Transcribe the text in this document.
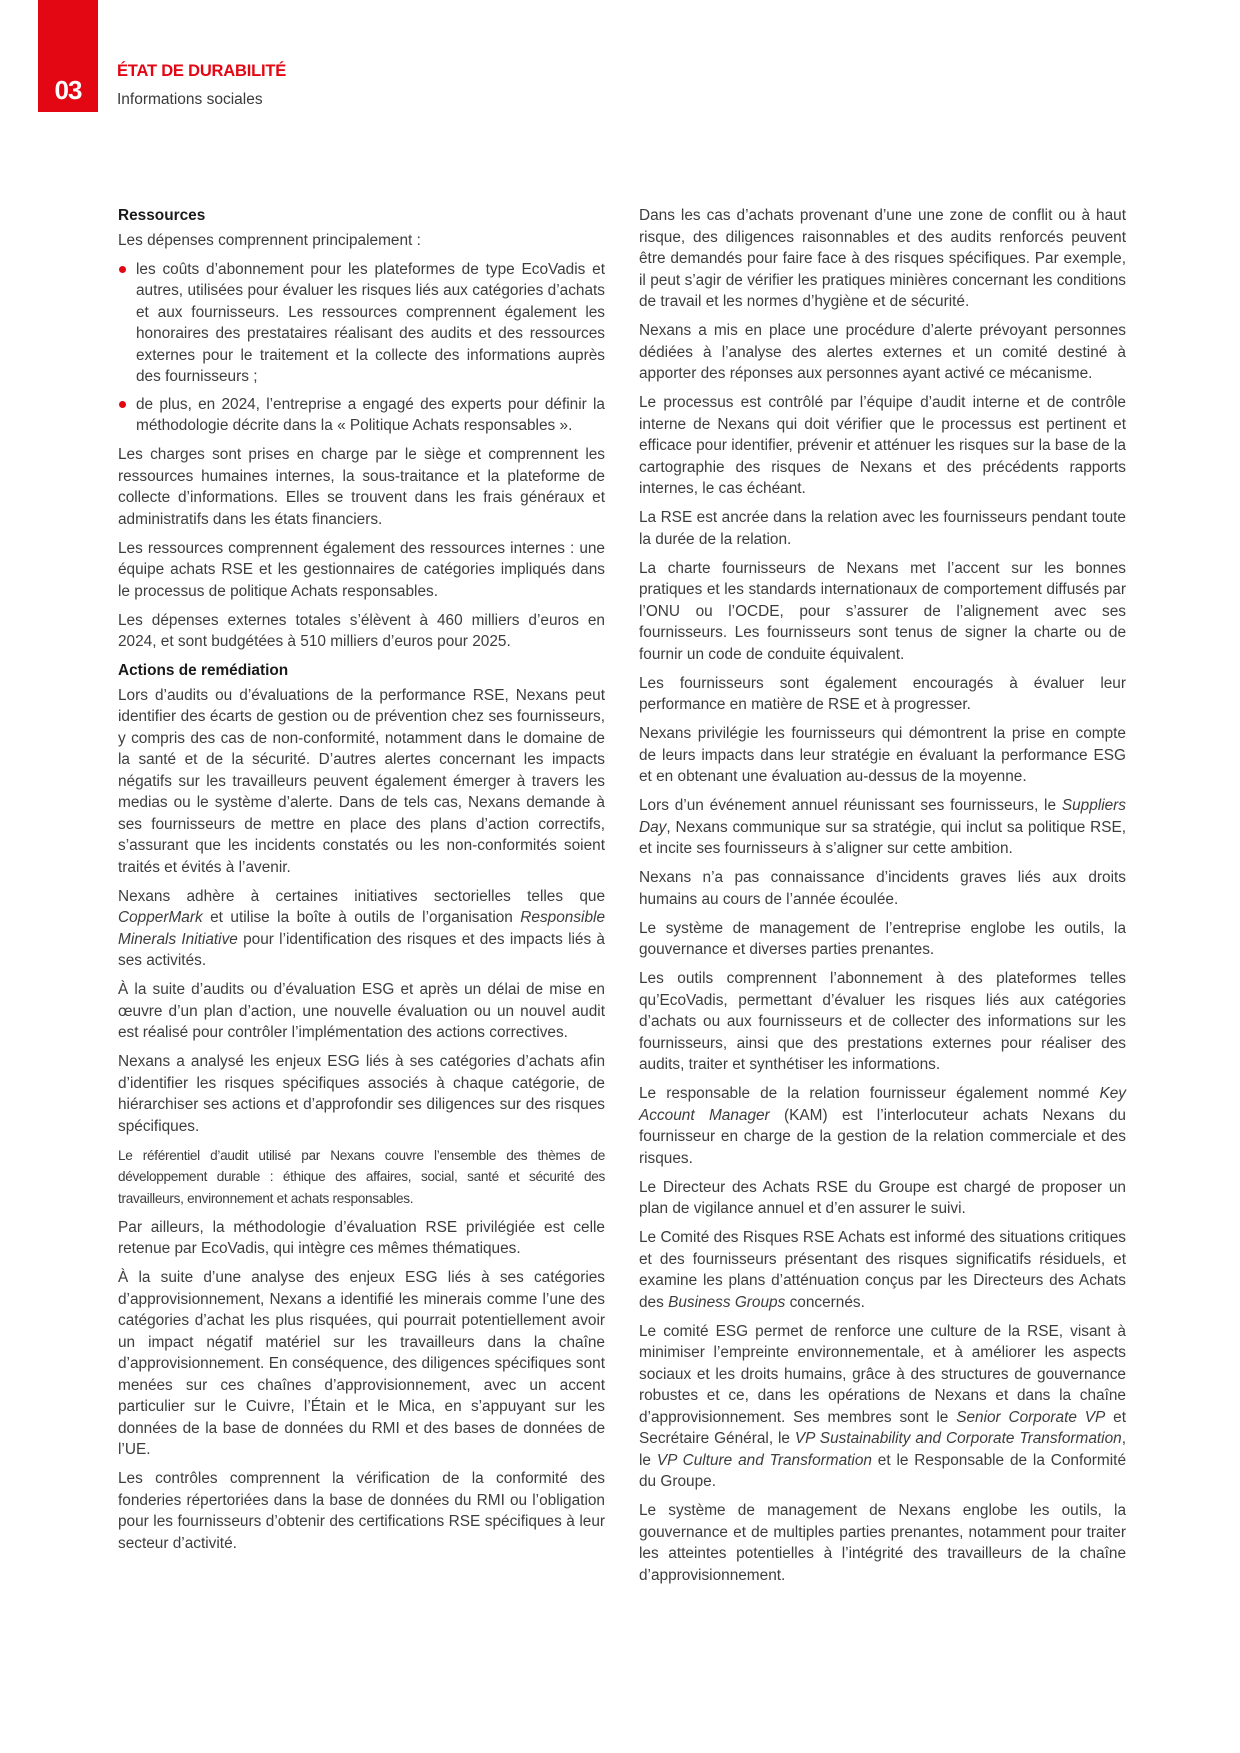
03
ÉTAT DE DURABILITÉ
Informations sociales
Ressources

Les dépenses comprennent principalement :

les coûts d’abonnement pour les plateformes de type EcoVadis et autres, utilisées pour évaluer les risques liés aux catégories d’achats et aux fournisseurs. Les ressources comprennent également les honoraires des prestataires réalisant des audits et des ressources externes pour le traitement et la collecte des informations auprès des fournisseurs ;
de plus, en 2024, l’entreprise a engagé des experts pour définir la méthodologie décrite dans la « Politique Achats responsables ».

Les charges sont prises en charge par le siège et comprennent les ressources humaines internes, la sous-traitance et la plateforme de collecte d’informations. Elles se trouvent dans les frais généraux et administratifs dans les états financiers.

Les ressources comprennent également des ressources internes : une équipe achats RSE et les gestionnaires de catégories impliqués dans le processus de politique Achats responsables.

Les dépenses externes totales s’élèvent à 460 milliers d’euros en 2024, et sont budgétées à 510 milliers d’euros pour 2025.

Actions de remédiation

Lors d’audits ou d’évaluations de la performance RSE, Nexans peut identifier des écarts de gestion ou de prévention chez ses fournisseurs, y compris des cas de non-conformité, notamment dans le domaine de la santé et de la sécurité. D’autres alertes concernant les impacts négatifs sur les travailleurs peuvent également émerger à travers les medias ou le système d’alerte. Dans de tels cas, Nexans demande à ses fournisseurs de mettre en place des plans d’action correctifs, s’assurant que les incidents constatés ou les non-conformités soient traités et évités à l’avenir.

Nexans adhère à certaines initiatives sectorielles telles que CopperMark et utilise la boîte à outils de l’organisation Responsible Minerals Initiative pour l’identification des risques et des impacts liés à ses activités.

À la suite d’audits ou d’évaluation ESG et après un délai de mise en œuvre d’un plan d’action, une nouvelle évaluation ou un nouvel audit est réalisé pour contrôler l’implémentation des actions correctives.

Nexans a analysé les enjeux ESG liés à ses catégories d’achats afin d’identifier les risques spécifiques associés à chaque catégorie, de hiérarchiser ses actions et d’approfondir ses diligences sur des risques spécifiques.

Le référentiel d’audit utilisé par Nexans couvre l’ensemble des thèmes de développement durable : éthique des affaires, social, santé et sécurité des travailleurs, environnement et achats responsables.

Par ailleurs, la méthodologie d’évaluation RSE privilégiée est celle retenue par EcoVadis, qui intègre ces mêmes thématiques.

À la suite d’une analyse des enjeux ESG liés à ses catégories d’approvisionnement, Nexans a identifié les minerais comme l’une des catégories d’achat les plus risquées, qui pourrait potentiellement avoir un impact négatif matériel sur les travailleurs dans la chaîne d’approvisionnement. En conséquence, des diligences spécifiques sont menées sur ces chaînes d’approvisionnement, avec un accent particulier sur le Cuivre, l’Étain et le Mica, en s’appuyant sur les données de la base de données du RMI et des bases de données de l’UE.

Les contrôles comprennent la vérification de la conformité des fonderies répertoriées dans la base de données du RMI ou l’obligation pour les fournisseurs d’obtenir des certifications RSE spécifiques à leur secteur d’activité.

Dans les cas d’achats provenant d’une une zone de conflit ou à haut risque, des diligences raisonnables et des audits renforcés peuvent être demandés pour faire face à des risques spécifiques. Par exemple, il peut s’agir de vérifier les pratiques minières concernant les conditions de travail et les normes d’hygiène et de sécurité.

Nexans a mis en place une procédure d’alerte prévoyant personnes dédiées à l’analyse des alertes externes et un comité destiné à apporter des réponses aux personnes ayant activé ce mécanisme.

Le processus est contrôlé par l’équipe d’audit interne et de contrôle interne de Nexans qui doit vérifier que le processus est pertinent et efficace pour identifier, prévenir et atténuer les risques sur la base de la cartographie des risques de Nexans et des précédents rapports internes, le cas échéant.

La RSE est ancrée dans la relation avec les fournisseurs pendant toute la durée de la relation.

La charte fournisseurs de Nexans met l’accent sur les bonnes pratiques et les standards internationaux de comportement diffusés par l’ONU ou l’OCDE, pour s’assurer de l’alignement avec ses fournisseurs. Les fournisseurs sont tenus de signer la charte ou de fournir un code de conduite équivalent.

Les fournisseurs sont également encouragés à évaluer leur performance en matière de RSE et à progresser.

Nexans privilégie les fournisseurs qui démontrent la prise en compte de leurs impacts dans leur stratégie en évaluant la performance ESG et en obtenant une évaluation au-dessus de la moyenne.

Lors d’un événement annuel réunissant ses fournisseurs, le Suppliers Day, Nexans communique sur sa stratégie, qui inclut sa politique RSE, et incite ses fournisseurs à s’aligner sur cette ambition.

Nexans n’a pas connaissance d’incidents graves liés aux droits humains au cours de l’année écoulée.

Le système de management de l’entreprise englobe les outils, la gouvernance et diverses parties prenantes.

Les outils comprennent l’abonnement à des plateformes telles qu’EcoVadis, permettant d’évaluer les risques liés aux catégories d’achats ou aux fournisseurs et de collecter des informations sur les fournisseurs, ainsi que des prestations externes pour réaliser des audits, traiter et synthétiser les informations.

Le responsable de la relation fournisseur également nommé Key Account Manager (KAM) est l’interlocuteur achats Nexans du fournisseur en charge de la gestion de la relation commerciale et des risques.

Le Directeur des Achats RSE du Groupe est chargé de proposer un plan de vigilance annuel et d’en assurer le suivi.

Le Comité des Risques RSE Achats est informé des situations critiques et des fournisseurs présentant des risques significatifs résiduels, et examine les plans d’atténuation conçus par les Directeurs des Achats des Business Groups concernés.

Le comité ESG permet de renforce une culture de la RSE, visant à minimiser l’empreinte environnementale, et à améliorer les aspects sociaux et les droits humains, grâce à des structures de gouvernance robustes et ce, dans les opérations de Nexans et dans la chaîne d’approvisionnement. Ses membres sont le Senior Corporate VP et Secrétaire Général, le VP Sustainability and Corporate Transformation, le VP Culture and Transformation et le Responsable de la Conformité du Groupe.

Le système de management de Nexans englobe les outils, la gouvernance et de multiples parties prenantes, notamment pour traiter les atteintes potentielles à l’intégrité des travailleurs de la chaîne d’approvisionnement.
